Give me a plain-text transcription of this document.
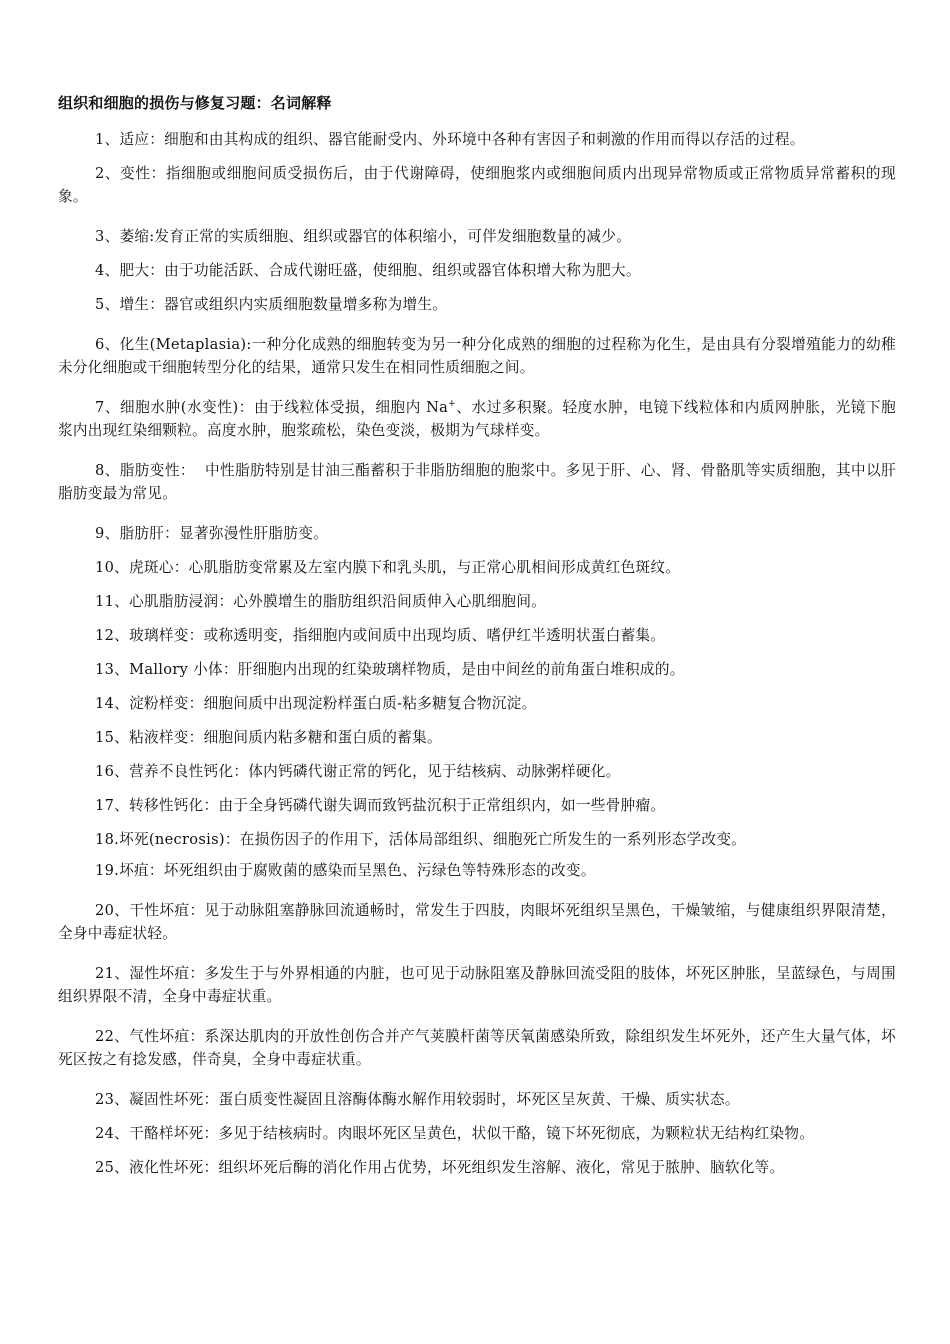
组织和细胞的损伤与修复习题：名词解释

1、适应：细胞和由其构成的组织、器官能耐受内、外环境中各种有害因子和刺激的作用而得以存活的过程。

2、变性：指细胞或细胞间质受损伤后，由于代谢障碍，使细胞浆内或细胞间质内出现异常物质或正常物质异常蓄积的现象。

3、萎缩:发育正常的实质细胞、组织或器官的体积缩小，可伴发细胞数量的减少。

4、肥大：由于功能活跃、合成代谢旺盛，使细胞、组织或器官体积增大称为肥大。

5、增生：器官或组织内实质细胞数量增多称为增生。

6、化生(Metaplasia):一种分化成熟的细胞转变为另一种分化成熟的细胞的过程称为化生，是由具有分裂增殖能力的幼稚未分化细胞或干细胞转型分化的结果，通常只发生在相同性质细胞之间。

7、细胞水肿(水变性)：由于线粒体受损，细胞内 Na+、水过多积聚。轻度水肿，电镜下线粒体和内质网肿胀，光镜下胞浆内出现红染细颗粒。高度水肿，胞浆疏松，染色变淡，极期为气球样变。

8、脂肪变性：  中性脂肪特别是甘油三酯蓄积于非脂肪细胞的胞浆中。多见于肝、心、肾、骨骼肌等实质细胞，其中以肝脂肪变最为常见。

9、脂肪肝：显著弥漫性肝脂肪变。

10、虎斑心：心肌脂肪变常累及左室内膜下和乳头肌，与正常心肌相间形成黄红色斑纹。

11、心肌脂肪浸润：心外膜增生的脂肪组织沿间质伸入心肌细胞间。

12、玻璃样变：或称透明变，指细胞内或间质中出现均质、嗜伊红半透明状蛋白蓄集。

13、Mallory 小体：肝细胞内出现的红染玻璃样物质，是由中间丝的前角蛋白堆积成的。

14、淀粉样变：细胞间质中出现淀粉样蛋白质-粘多糖复合物沉淀。

15、粘液样变：细胞间质内粘多糖和蛋白质的蓄集。

16、营养不良性钙化：体内钙磷代谢正常的钙化，见于结核病、动脉粥样硬化。

17、转移性钙化：由于全身钙磷代谢失调而致钙盐沉积于正常组织内，如一些骨肿瘤。

18.坏死(necrosis)：在损伤因子的作用下，活体局部组织、细胞死亡所发生的一系列形态学改变。

19.坏疽：坏死组织由于腐败菌的感染而呈黑色、污绿色等特殊形态的改变。

20、干性坏疽：见于动脉阻塞静脉回流通畅时，常发生于四肢，肉眼坏死组织呈黑色，干燥皱缩，与健康组织界限清楚，全身中毒症状轻。

21、湿性坏疽：多发生于与外界相通的内脏，也可见于动脉阻塞及静脉回流受阻的肢体，坏死区肿胀，呈蓝绿色，与周围组织界限不清，全身中毒症状重。

22、气性坏疽：系深达肌肉的开放性创伤合并产气荚膜杆菌等厌氧菌感染所致，除组织发生坏死外，还产生大量气体，坏死区按之有捻发感，伴奇臭，全身中毒症状重。

23、凝固性坏死：蛋白质变性凝固且溶酶体酶水解作用较弱时，坏死区呈灰黄、干燥、质实状态。

24、干酪样坏死：多见于结核病时。肉眼坏死区呈黄色，状似干酪，镜下坏死彻底，为颗粒状无结构红染物。

25、液化性坏死：组织坏死后酶的消化作用占优势，坏死组织发生溶解、液化，常见于脓肿、脑软化等。
